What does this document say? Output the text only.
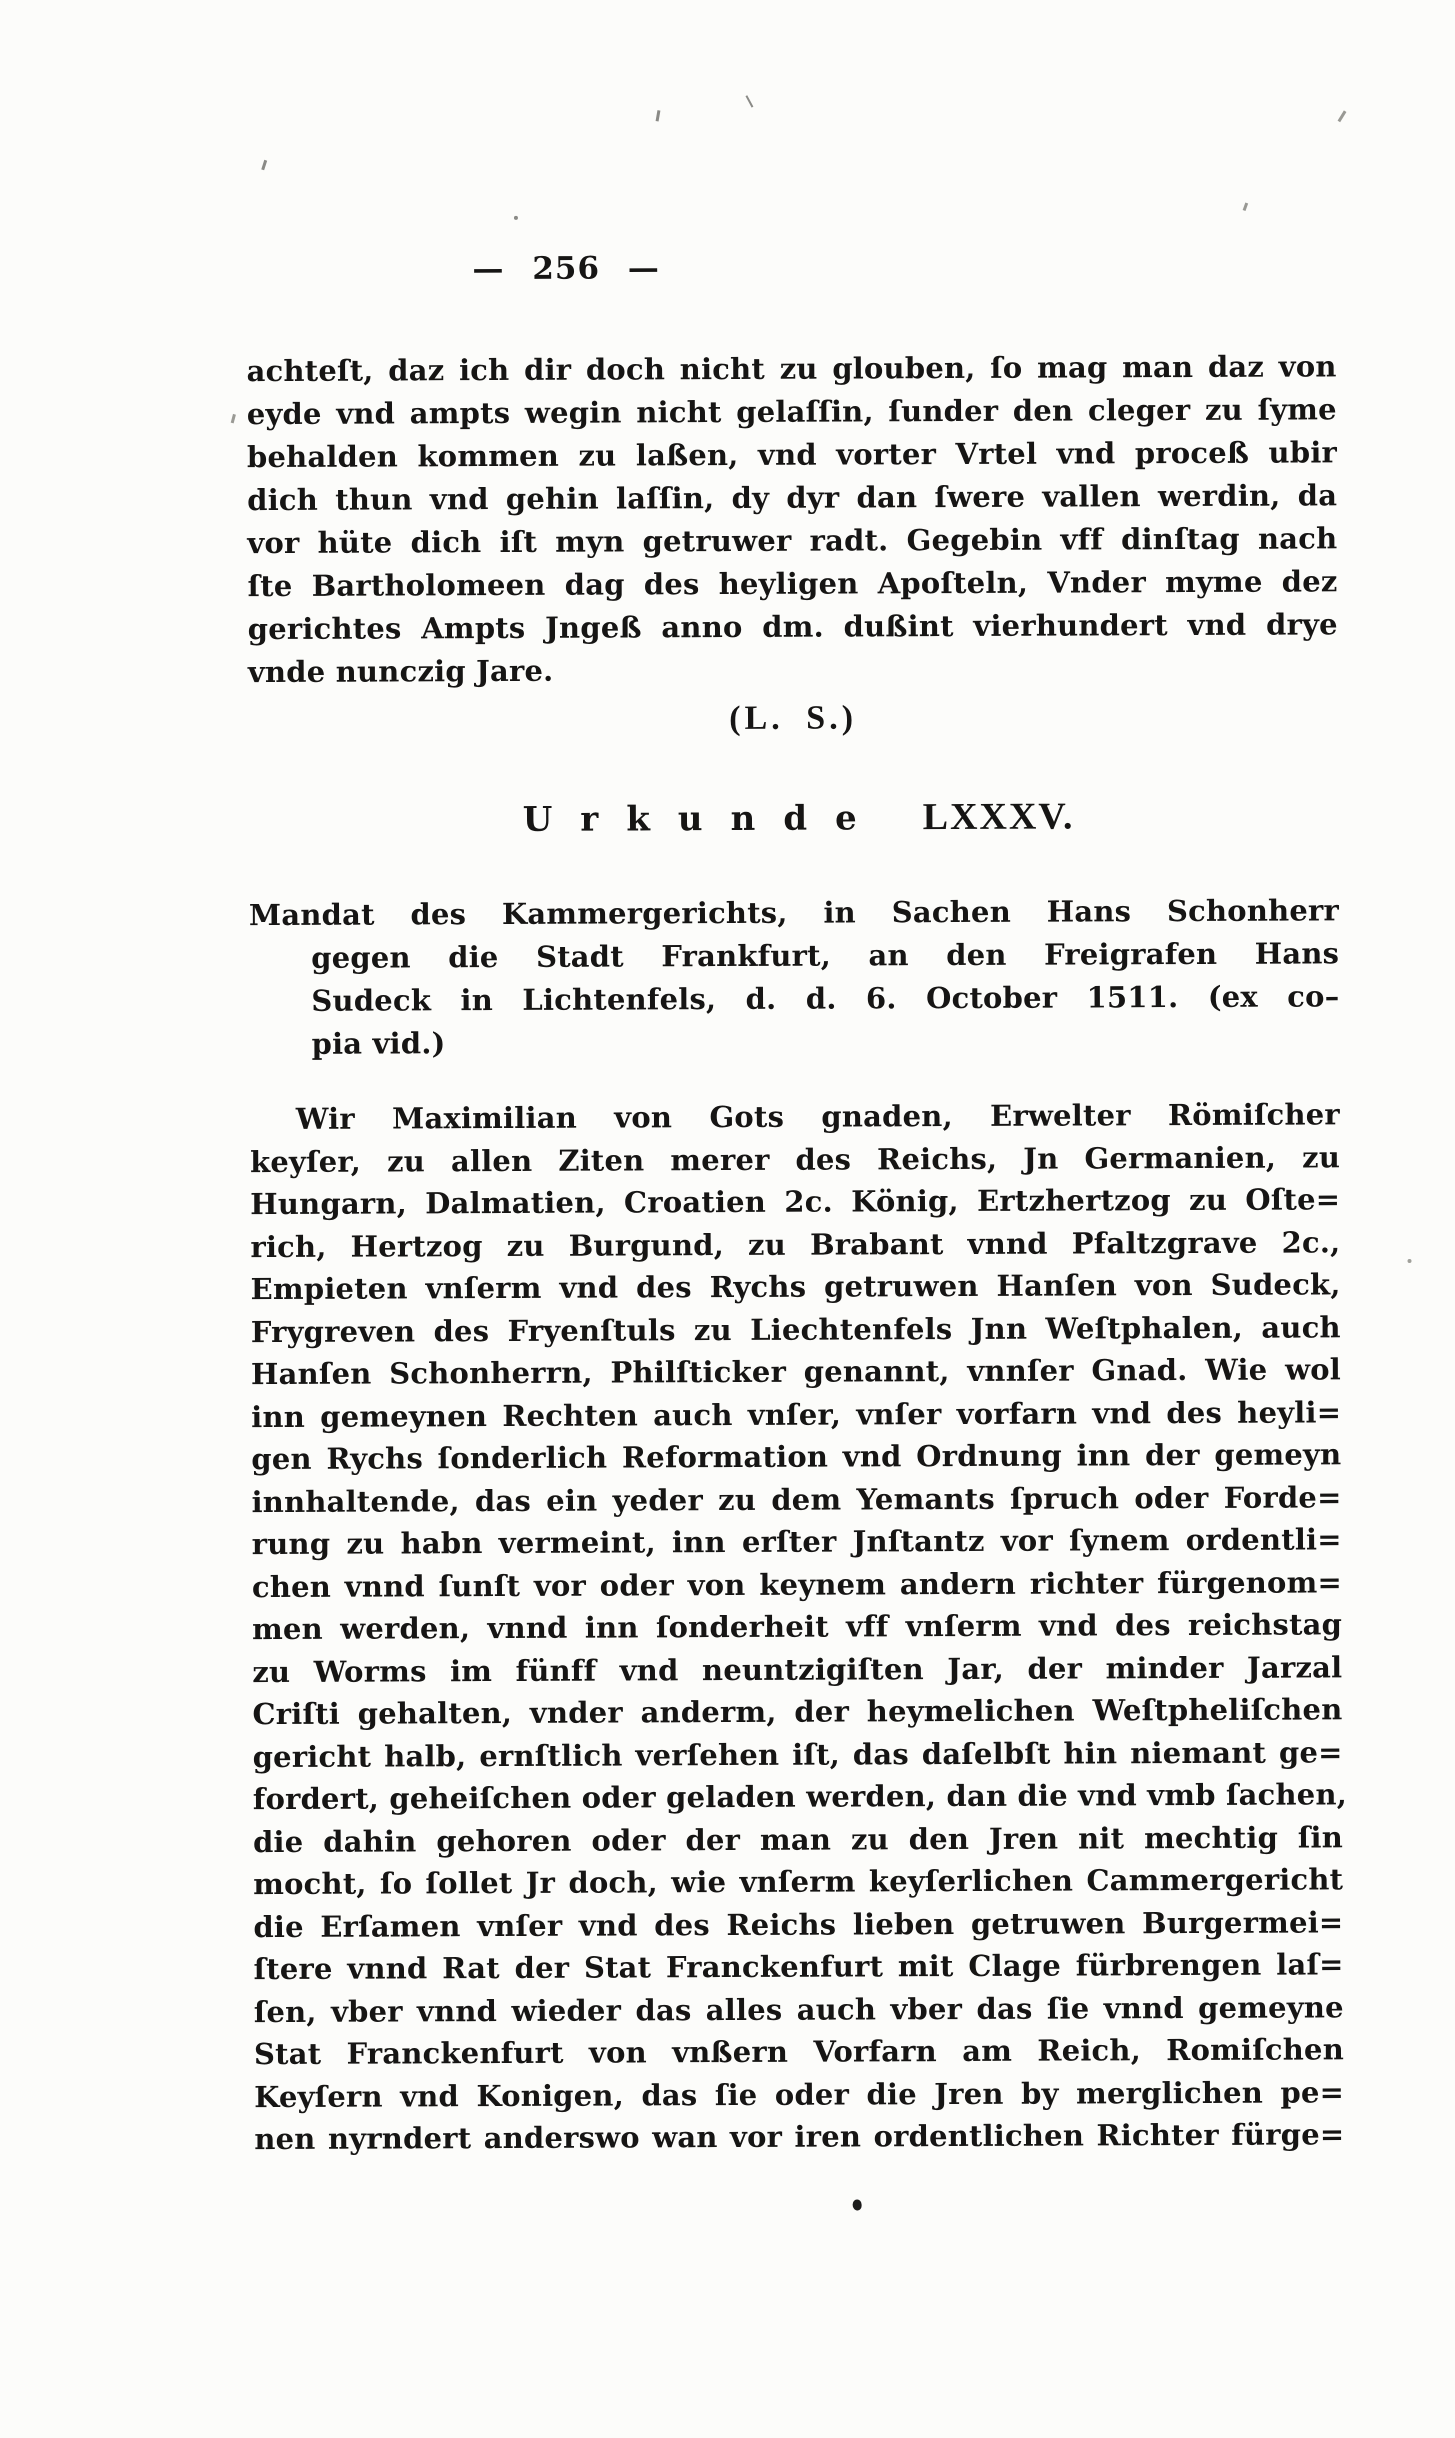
— 256 —
achteſt, daz ich dir doch nicht zu glouben, ſo mag man daz von
eyde vnd ampts wegin nicht gelaſſin, ſunder den cleger zu ſyme
behalden kommen zu laßen, vnd vorter Vrtel vnd proceß ubir
dich thun vnd gehin laſſin, dy dyr dan ſwere vallen werdin, da
vor hüte dich iſt myn getruwer radt. Gegebin vff dinſtag nach
ſte Bartholomeen dag des heyligen Apoſteln, Vnder myme dez
gerichtes Ampts Jngeß anno dm. dußint vierhundert vnd drye
vnde nunczig Jare.
(L. S.)
Urkunde LXXXV.
Mandat des Kammergerichts, in Sachen Hans Schonherr
gegen die Stadt Frankfurt, an den Freigrafen Hans
Sudeck in Lichtenfels, d. d. 6. October 1511. (ex co–
pia vid.)
Wir Maximilian von Gots gnaden, Erwelter Römiſcher
keyſer, zu allen Ziten merer des Reichs, Jn Germanien, zu
Hungarn, Dalmatien, Croatien 2c. König, Ertzhertzog zu Oſte=
rich, Hertzog zu Burgund, zu Brabant vnnd Pfaltzgrave 2c.,
Empieten vnſerm vnd des Rychs getruwen Hanſen von Sudeck,
Frygreven des Fryenſtuls zu Liechtenfels Jnn Weſtphalen, auch
Hanſen Schonherrn, Philſticker genannt, vnnſer Gnad. Wie wol
inn gemeynen Rechten auch vnſer, vnſer vorfarn vnd des heyli=
gen Rychs ſonderlich Reformation vnd Ordnung inn der gemeyn
innhaltende, das ein yeder zu dem Yemants ſpruch oder Forde=
rung zu habn vermeint, inn erſter Jnſtantz vor ſynem ordentli=
chen vnnd ſunſt vor oder von keynem andern richter fürgenom=
men werden, vnnd inn ſonderheit vff vnſerm vnd des reichstag
zu Worms im fünff vnd neuntzigiſten Jar, der minder Jarzal
Criſti gehalten, vnder anderm, der heymelichen Weſtpheliſchen
gericht halb, ernſtlich verſehen iſt, das daſelbſt hin niemant ge=
fordert, geheiſchen oder geladen werden, dan die vnd vmb ſachen,
die dahin gehoren oder der man zu den Jren nit mechtig ſin
mocht, ſo ſollet Jr doch, wie vnſerm keyſerlichen Cammergericht
die Erſamen vnſer vnd des Reichs lieben getruwen Burgermei=
ſtere vnnd Rat der Stat Franckenfurt mit Clage fürbrengen laſ=
ſen, vber vnnd wieder das alles auch vber das ſie vnnd gemeyne
Stat Franckenfurt von vnßern Vorfarn am Reich, Romiſchen
Keyſern vnd Konigen, das ſie oder die Jren by merglichen pe=
nen nyrndert anderswo wan vor iren ordentlichen Richter fürge=
